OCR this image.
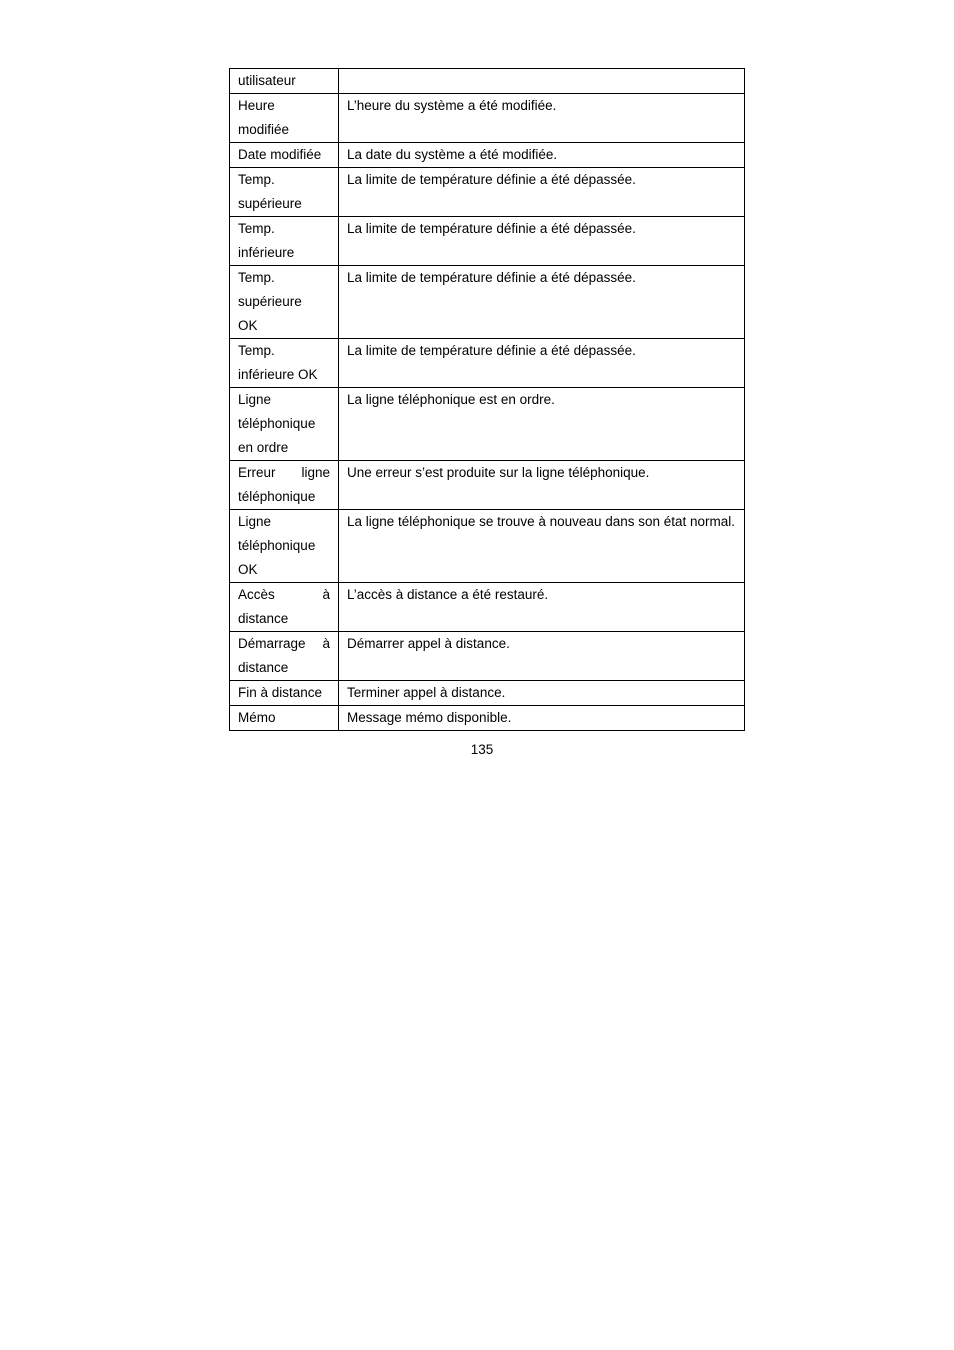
utilisateur	
Heure modifiée	L’heure du système a été modifiée.
Date modifiée	La date du système a été modifiée.
Temp. supérieure	La limite de température définie a été dépassée.
Temp. inférieure	La limite de température définie a été dépassée.
Temp. supérieure OK	La limite de température définie a été dépassée.
Temp. inférieure OK	La limite de température définie a été dépassée.
Ligne téléphonique en ordre	La ligne téléphonique est en ordre.
Erreur ligne téléphonique	Une erreur s’est produite sur la ligne téléphonique.
Ligne téléphonique OK	La ligne téléphonique se trouve à nouveau dans son état normal.
Accès à distance	L’accès à distance a été restauré.
Démarrage à distance	Démarrer appel à distance.
Fin à distance	Terminer appel à distance.
Mémo	Message mémo disponible.
135
